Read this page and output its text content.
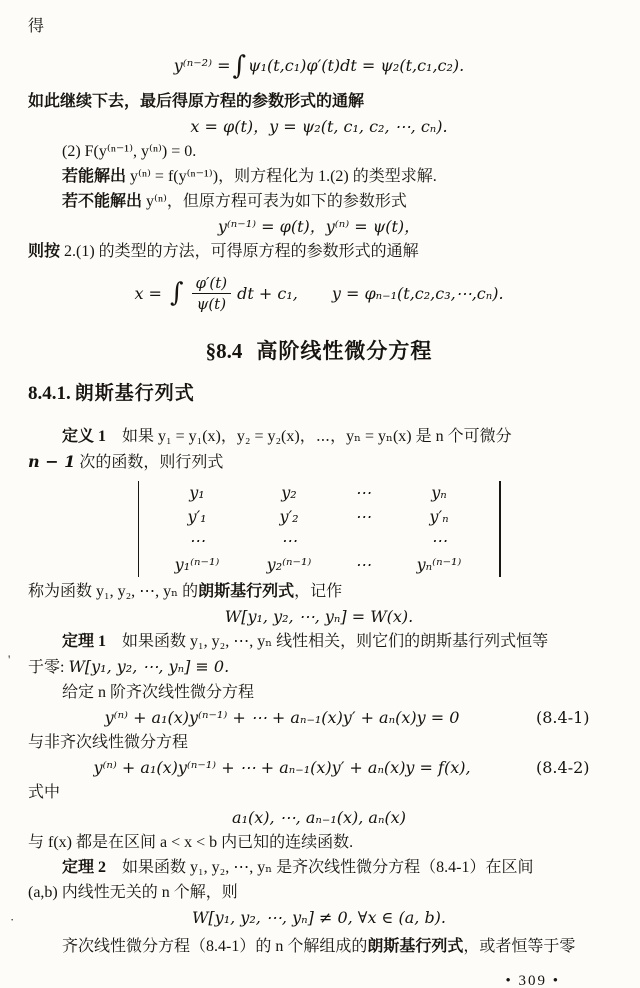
得

y⁽ⁿ⁻²⁾ =∫ ψ₁(t,c₁)φ′(t)dt = ψ₂(t,c₁,c₂).

如此继续下去，最后得原方程的参数形式的通解

x = φ(t)，y = ψ₂(t, c₁, c₂, ⋯, cₙ).

(2) F(y⁽ⁿ⁻¹⁾, y⁽ⁿ⁾) = 0.

若能解出 y⁽ⁿ⁾ = f(y⁽ⁿ⁻¹⁾)，则方程化为 1.(2) 的类型求解.

若不能解出 y⁽ⁿ⁾，但原方程可表为如下的参数形式

y⁽ⁿ⁻¹⁾ = φ(t)，y⁽ⁿ⁾ = ψ(t)，

则按 2.(1) 的类型的方法，可得原方程的参数形式的通解

x = ∫ $\frac{\varphi'(t)}{\psi(t)}$ dt + c₁, y = φₙ₋₁(t,c₂,c₃,⋯,cₙ).
§8.4 高阶线性微分方程
8.4.1. 朗斯基行列式

定义 1　 如果 y₁ = y₁(x)，y₂ = y₂(x)，⋯，yₙ = yₙ(x) 是 n 个可微分

n − 1 次的函数，则行列式

y₁	y₂	⋯	yₙ
y′₁	y′₂	⋯	y′ₙ
⋯	⋯	⋯
y₁⁽ⁿ⁻¹⁾	y₂⁽ⁿ⁻¹⁾	⋯	yₙ⁽ⁿ⁻¹⁾

称为函数 y₁, y₂, ⋯, yₙ 的朗斯基行列式，记作

W[y₁, y₂, ⋯, yₙ] = W(x).

定理 1　 如果函数 y₁, y₂, ⋯, yₙ 线性相关，则它们的朗斯基行列式恒等

于零: W[y₁, y₂, ⋯, yₙ] ≡ 0.

给定 n 阶齐次线性微分方程

y⁽ⁿ⁾ + a₁(x)y⁽ⁿ⁻¹⁾ + ⋯ + aₙ₋₁(x)y′ + aₙ(x)y = 0	(8.4-1)

与非齐次线性微分方程

y⁽ⁿ⁾ + a₁(x)y⁽ⁿ⁻¹⁾ + ⋯ + aₙ₋₁(x)y′ + aₙ(x)y = f(x),	(8.4-2)

式中

a₁(x), ⋯, aₙ₋₁(x), aₙ(x)

与 f(x) 都是在区间 a < x < b 内已知的连续函数.

定理 2　 如果函数 y₁, y₂, ⋯, yₙ 是齐次线性微分方程（8.4-1）在区间

(a,b) 内线性无关的 n 个解，则

W[y₁, y₂, ⋯, yₙ] ≠ 0, ∀x ∈ (a, b).

齐次线性微分方程（8.4-1）的 n 个解组成的朗斯基行列式，或者恒等于零

• 309 •

'
·
